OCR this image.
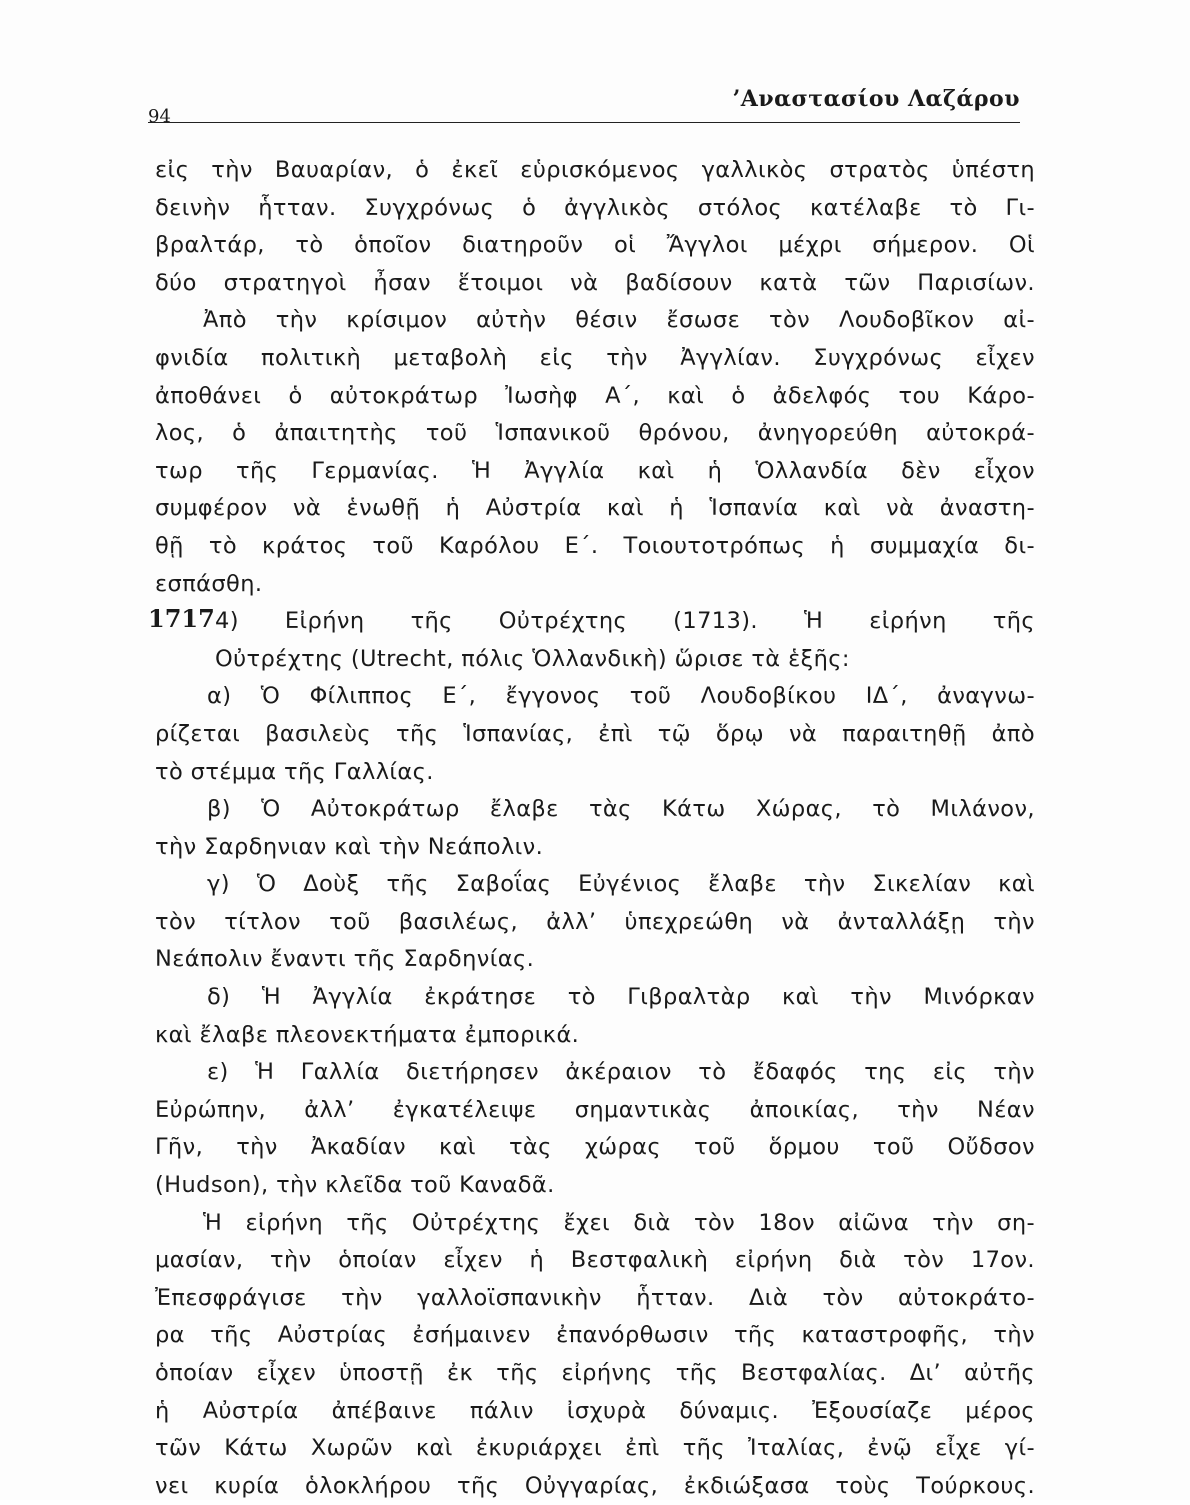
94
’Αναστασίου Λαζάρου
1717
εἰς τὴν Βαυαρίαν, ὁ ἐκεῖ εὑρισκόμενος γαλλικὸς στρατὸς ὑπέστη
δεινὴν ἧτταν. Συγχρόνως ὁ ἀγγλικὸς στόλος κατέλαβε τὸ Γι-
βραλτάρ, τὸ ὁποῖον διατηροῦν οἱ Ἄγγλοι μέχρι σήμερον. Οἱ
δύο στρατηγοὶ ἦσαν ἕτοιμοι νὰ βαδίσουν κατὰ τῶν Παρισίων.
Ἀπὸ τὴν κρίσιμον αὐτὴν θέσιν ἔσωσε τὸν Λουδοβῖκον αἰ-
φνιδία πολιτικὴ μεταβολὴ εἰς τὴν Ἀγγλίαν. Συγχρόνως εἶχεν
ἀποθάνει ὁ αὐτοκράτωρ Ἰωσὴφ Α΄, καὶ ὁ ἀδελφός του Κάρο-
λος, ὁ ἀπαιτητὴς τοῦ Ἱσπανικοῦ θρόνου, ἀνηγορεύθη αὐτοκρά-
τωρ τῆς Γερμανίας. Ἡ Ἀγγλία καὶ ἡ Ὁλλανδία δὲν εἶχον
συμφέρον νὰ ἑνωθῇ ἡ Αὐστρία καὶ ἡ Ἱσπανία καὶ νὰ ἀναστη-
θῇ τὸ κράτος τοῦ Καρόλου Ε΄. Τοιουτοτρόπως ἡ συμμαχία δι-
εσπάσθη.
4) Εἰρήνη τῆς Οὐτρέχτης (1713). Ἡ εἰρήνη τῆς
Οὐτρέχτης (Utrecht, πόλις Ὁλλανδικὴ) ὥρισε τὰ ἑξῆς:
α) Ὁ Φίλιππος Ε΄, ἔγγονος τοῦ Λουδοβίκου ΙΔ΄, ἀναγνω-
ρίζεται βασιλεὺς τῆς Ἱσπανίας, ἐπὶ τῷ ὅρῳ νὰ παραιτηθῇ ἀπὸ
τὸ στέμμα τῆς Γαλλίας.
β) Ὁ Αὐτοκράτωρ ἔλαβε τὰς Κάτω Χώρας, τὸ Μιλάνον,
τὴν Σαρδηνιαν καὶ τὴν Νεάπολιν.
γ) Ὁ Δοὺξ τῆς Σαβοΐας Εὐγένιος ἔλαβε τὴν Σικελίαν καὶ
τὸν τίτλον τοῦ βασιλέως, ἀλλ’ ὑπεχρεώθη νὰ ἀνταλλάξῃ τὴν
Νεάπολιν ἔναντι τῆς Σαρδηνίας.
δ) Ἡ Ἀγγλία ἐκράτησε τὸ Γιβραλτὰρ καὶ τὴν Μινόρκαν
καὶ ἔλαβε πλεονεκτήματα ἐμπορικά.
ε) Ἡ Γαλλία διετήρησεν ἀκέραιον τὸ ἔδαφός της εἰς τὴν
Εὐρώπην, ἀλλ’ ἐγκατέλειψε σημαντικὰς ἀποικίας, τὴν Νέαν
Γῆν, τὴν Ἀκαδίαν καὶ τὰς χώρας τοῦ ὅρμου τοῦ Οὔδσον
(Hudson), τὴν κλεῖδα τοῦ Καναδᾶ.
Ἡ εἰρήνη τῆς Οὐτρέχτης ἔχει διὰ τὸν 18ον αἰῶνα τὴν ση-
μασίαν, τὴν ὁποίαν εἶχεν ἡ Βεστφαλικὴ εἰρήνη διὰ τὸν 17ον.
Ἐπεσφράγισε τὴν γαλλοϊσπανικὴν ἧτταν. Διὰ τὸν αὐτοκράτο-
ρα τῆς Αὐστρίας ἐσήμαινεν ἐπανόρθωσιν τῆς καταστροφῆς, τὴν
ὁποίαν εἶχεν ὑποστῇ ἐκ τῆς εἰρήνης τῆς Βεστφαλίας. Δι’ αὐτῆς
ἡ Αὐστρία ἀπέβαινε πάλιν ἰσχυρὰ δύναμις. Ἐξουσίαζε μέρος
τῶν Κάτω Χωρῶν καὶ ἐκυριάρχει ἐπὶ τῆς Ἰταλίας, ἐνῷ εἶχε γί-
νει κυρία ὁλοκλήρου τῆς Οὐγγαρίας, ἐκδιώξασα τοὺς Τούρκους.
